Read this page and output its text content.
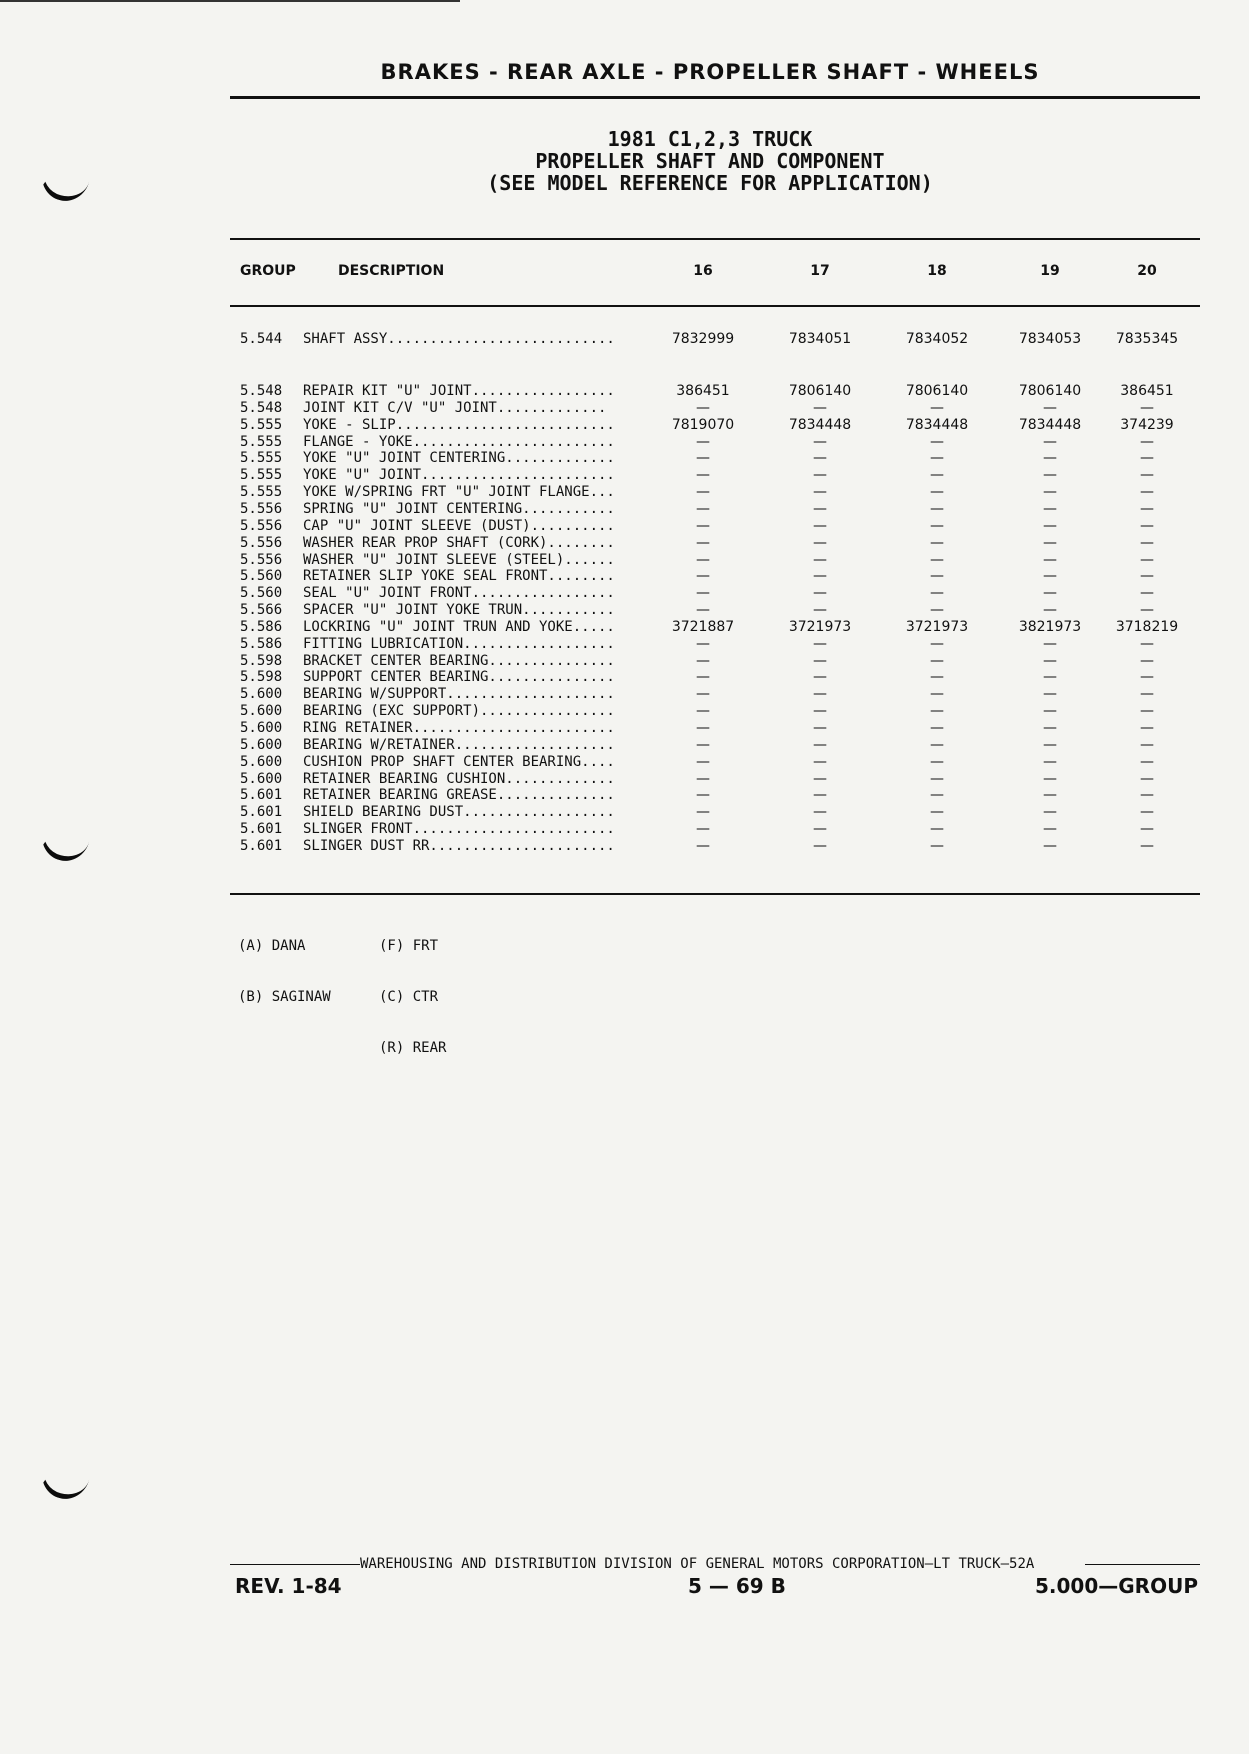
BRAKES - REAR AXLE - PROPELLER SHAFT - WHEELS
1981 C1,2,3 TRUCK
PROPELLER SHAFT AND COMPONENT
(SEE MODEL REFERENCE FOR APPLICATION)
GROUP	DESCRIPTION	16	17	18	19	20
5.544 SHAFT ASSY...........................	7832999	7834051	7834052	7834053	7835345
5.548 REPAIR KIT "U" JOINT.................	386451	7806140	7806140	7806140	386451
5.548 JOINT KIT C/V "U" JOINT.............	—	—	—	—	—
5.555 YOKE - SLIP..........................	7819070	7834448	7834448	7834448	374239
5.555 FLANGE - YOKE........................	—	—	—	—	—
5.555 YOKE "U" JOINT CENTERING.............	—	—	—	—	—
5.555 YOKE "U" JOINT.......................	—	—	—	—	—
5.555 YOKE W/SPRING FRT "U" JOINT FLANGE...	—	—	—	—	—
5.556 SPRING "U" JOINT CENTERING...........	—	—	—	—	—
5.556 CAP "U" JOINT SLEEVE (DUST)..........	—	—	—	—	—
5.556 WASHER REAR PROP SHAFT (CORK)........	—	—	—	—	—
5.556 WASHER "U" JOINT SLEEVE (STEEL)......	—	—	—	—	—
5.560 RETAINER SLIP YOKE SEAL FRONT........	—	—	—	—	—
5.560 SEAL "U" JOINT FRONT.................	—	—	—	—	—
5.566 SPACER "U" JOINT YOKE TRUN...........	—	—	—	—	—
5.586 LOCKRING "U" JOINT TRUN AND YOKE.....	3721887	3721973	3721973	3821973	3718219
5.586 FITTING LUBRICATION..................	—	—	—	—	—
5.598 BRACKET CENTER BEARING...............	—	—	—	—	—
5.598 SUPPORT CENTER BEARING...............	—	—	—	—	—
5.600 BEARING W/SUPPORT....................	—	—	—	—	—
5.600 BEARING (EXC SUPPORT)................	—	—	—	—	—
5.600 RING RETAINER........................	—	—	—	—	—
5.600 BEARING W/RETAINER...................	—	—	—	—	—
5.600 CUSHION PROP SHAFT CENTER BEARING....	—	—	—	—	—
5.600 RETAINER BEARING CUSHION.............	—	—	—	—	—
5.601 RETAINER BEARING GREASE..............	—	—	—	—	—
5.601 SHIELD BEARING DUST..................	—	—	—	—	—
5.601 SLINGER FRONT........................	—	—	—	—	—
5.601 SLINGER DUST RR......................	—	—	—	—	—

(A) DANA

(B) SAGINAW

(F) FRT

(C) CTR

(R) REAR

WAREHOUSING AND DISTRIBUTION DIVISION OF GENERAL MOTORS CORPORATION—LT TRUCK—52A
REV. 1-84	5 — 69 B	5.000—GROUP
